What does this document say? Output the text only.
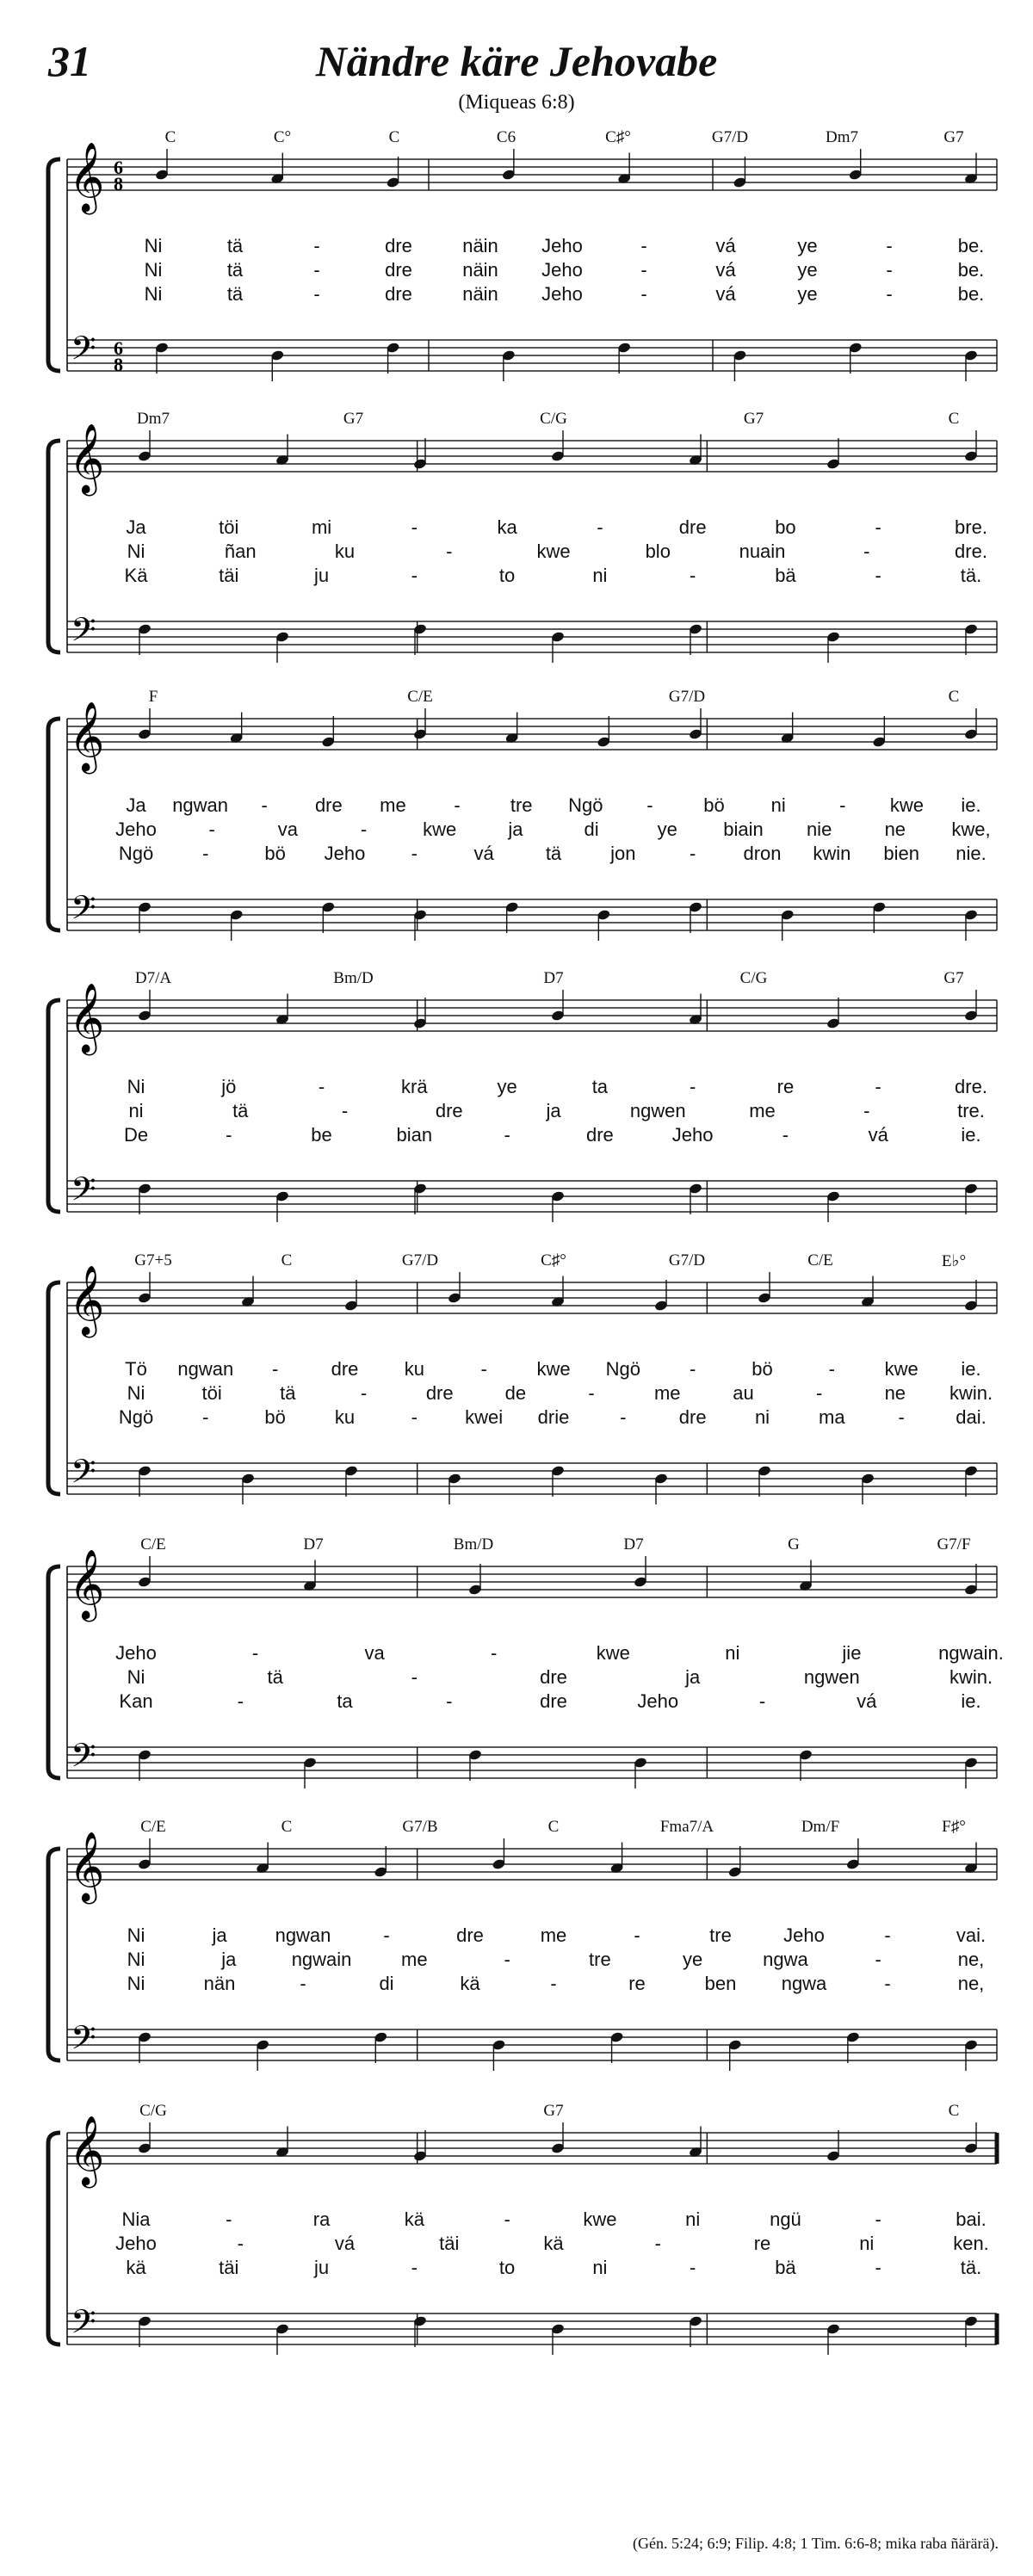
31	Nändre käre Jehovabe
(Miqueas 6:8)
𝄞 6
8
𝄢 6
8
C	C°	C	C6	C♯°	G7/D	Dm7	G7
Ni	tä	-	dre	näin Jeho	-	vá	ye	-	be.
Ni	tä	-	dre	näin Jeho	-	vá	ye	-	be.
Ni	tä	-	dre	näin Jeho	-	vá	ye	-	be.
𝄞
𝄢
Dm7	G7	C/G	G7	C
Ja	töi	mi	-	ka	-	dre	bo	-	bre.
Ni	ñan	ku	-	kwe	blo	nuain	-	dre.
Kä	täi	ju	-	to	ni	-	bä	-	tä.
𝄞
𝄢
F	C/E	G7/D	C
Ja ngwan -	dre me	-	tre Ngö -	bö ni	- kwe ie.
Jeho	-	va	-	kwe	ja	di	ye biain nie	ne kwe,
Ngö	-	bö Jeho -	vá	tä	jon	-	dron kwin bien nie.
𝄞
𝄢
D7/A	Bm/D	D7	C/G	G7
Ni	jö	-	krä	ye	ta	-	re	-	dre.
ni	tä	-	dre	ja	ngwen	me	-	tre.
De	-	be	bian	-	dre	Jeho	-	vá	ie.
𝄞
𝄢
G7+5	C	G7/D	C♯°	G7/D	C/E	E♭°
Tö ngwan -	dre ku	-	kwe Ngö	-	bö	-	kwe ie.
Ni	töi	tä	-	dre	de	-	me	au	-	ne kwin.
Ngö	-	bö	ku	-	kwei drie	-	dre	ni	ma	-	dai.
𝄞
𝄢
C/E	D7	Bm/D	D7	G	G7/F
Jeho	-	va	-	kwe	ni	jie	ngwain.
Ni	tä	-	dre	ja	ngwen	kwin.
Kan	-	ta	-	dre	Jeho	-	vá	ie.
𝄞
𝄢
C/E	C	G7/B	C	Fma7/A	Dm/F	F♯°
Ni	ja	ngwan	-	dre	me	-	tre	Jeho	-	vai.
Ni	ja	ngwain	me	-	tre	ye	ngwa	-	ne,
Ni	nän	-	di	kä	-	re	ben ngwa	-	ne,
𝄞
𝄢
C/G	G7	C
Nia	-	ra	kä	-	kwe	ni	ngü	-	bai.
Jeho	-	vá	täi	kä	-	re	ni	ken.
kä	täi	ju	-	to	ni	-	bä	-	tä.
(Gén. 5:24; 6:9; Filip. 4:8; 1 Tim. 6:6-8; mika raba ñärärä).
